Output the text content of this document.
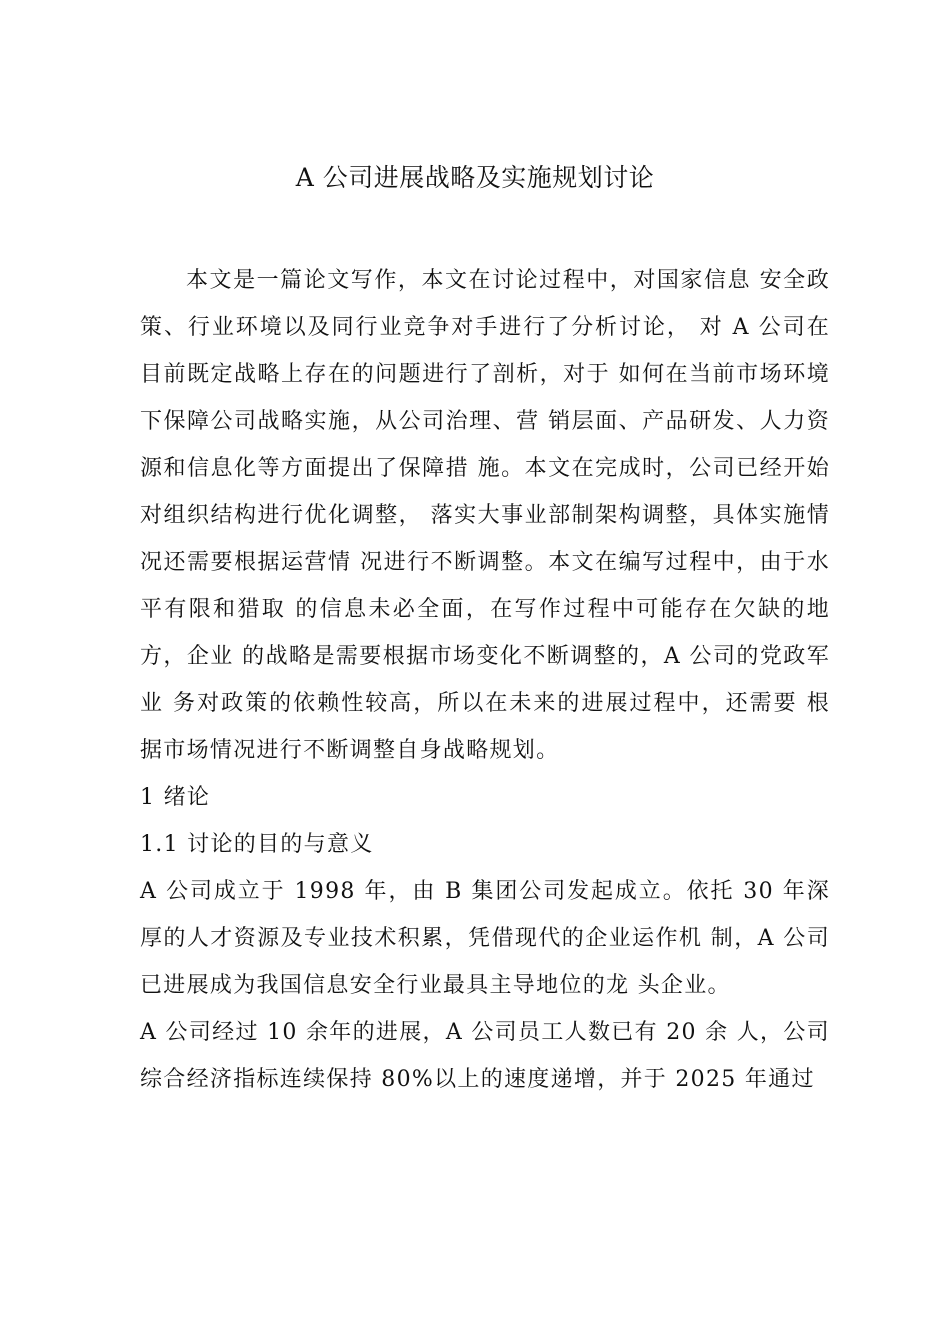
A 公司进展战略及实施规划讨论

本文是一篇论文写作，本文在讨论过程中，对国家信息 安全政策、行业环境以及同行业竞争对手进行了分析讨论， 对 A 公司在目前既定战略上存在的问题进行了剖析，对于 如何在当前市场环境下保障公司战略实施，从公司治理、营 销层面、产品研发、人力资源和信息化等方面提出了保障措 施。本文在完成时，公司已经开始对组织结构进行优化调整， 落实大事业部制架构调整，具体实施情况还需要根据运营情 况进行不断调整。本文在编写过程中，由于水平有限和猎取 的信息未必全面，在写作过程中可能存在欠缺的地方，企业 的战略是需要根据市场变化不断调整的，A 公司的党政军业 务对政策的依赖性较高，所以在未来的进展过程中，还需要 根据市场情况进行不断调整自身战略规划。

1 绪论

1.1 讨论的目的与意义

A 公司成立于 1998 年，由 B 集团公司发起成立。依托 30 年深厚的人才资源及专业技术积累，凭借现代的企业运作机 制，A 公司已进展成为我国信息安全行业最具主导地位的龙 头企业。

A 公司经过 10 余年的进展，A 公司员工人数已有 20 余 人，公司综合经济指标连续保持 80%以上的速度递增，并于 2025 年通过
